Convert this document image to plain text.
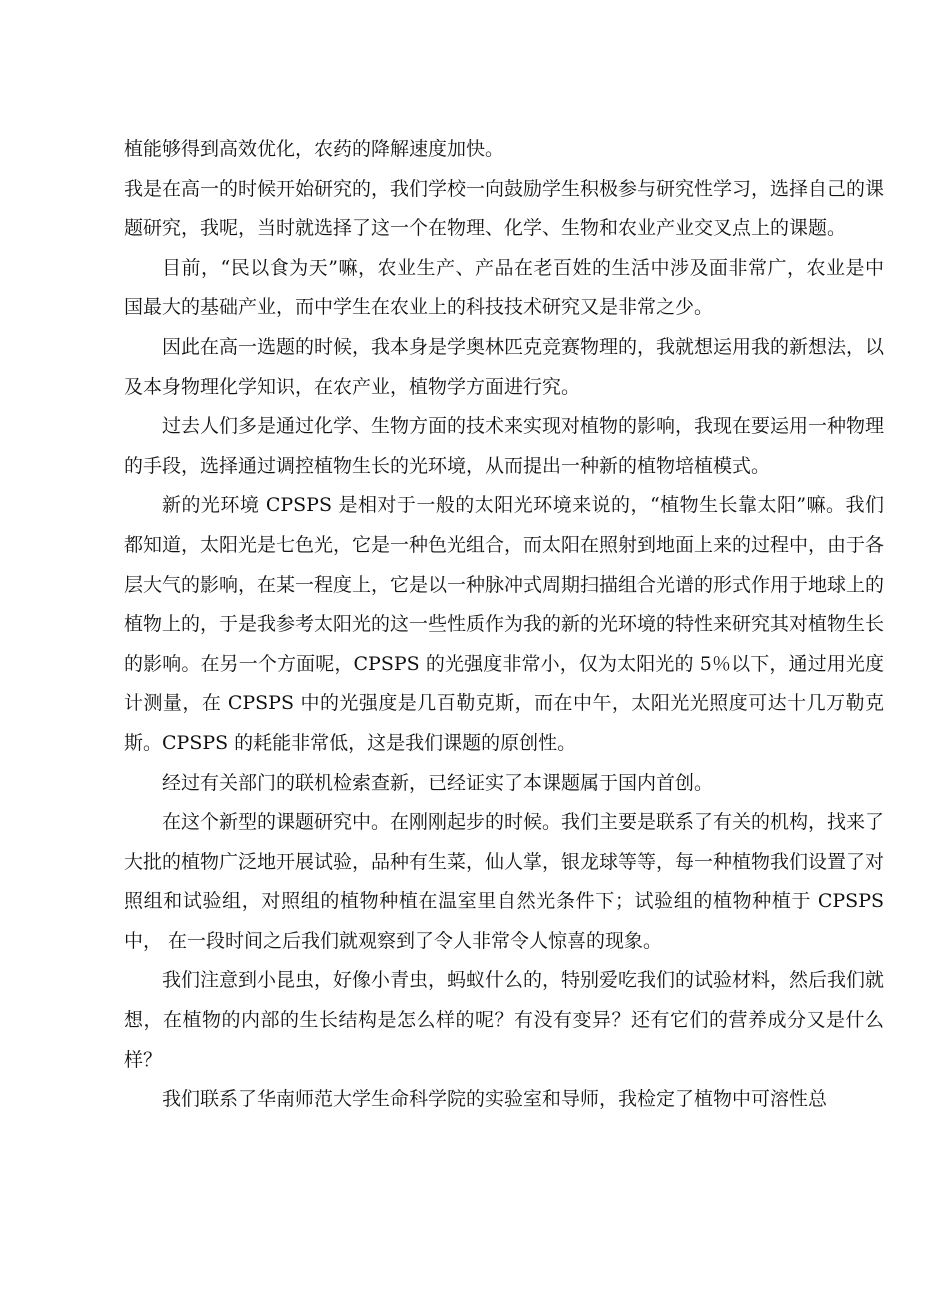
植能够得到高效优化，农药的降解速度加快。

我是在高一的时候开始研究的，我们学校一向鼓励学生积极参与研究性学习，选择自己的课题研究，我呢，当时就选择了这一个在物理、化学、生物和农业产业交叉点上的课题。

目前，“民以食为天”嘛，农业生产、产品在老百姓的生活中涉及面非常广，农业是中国最大的基础产业，而中学生在农业上的科技技术研究又是非常之少。

因此在高一选题的时候，我本身是学奥林匹克竞赛物理的，我就想运用我的新想法，以及本身物理化学知识，在农产业，植物学方面进行究。

过去人们多是通过化学、生物方面的技术来实现对植物的影响，我现在要运用一种物理的手段，选择通过调控植物生长的光环境，从而提出一种新的植物培植模式。

新的光环境 CPSPS 是相对于一般的太阳光环境来说的，“植物生长靠太阳”嘛。我们都知道，太阳光是七色光，它是一种色光组合，而太阳在照射到地面上来的过程中，由于各层大气的影响，在某一程度上，它是以一种脉冲式周期扫描组合光谱的形式作用于地球上的植物上的，于是我参考太阳光的这一些性质作为我的新的光环境的特性来研究其对植物生长的影响。在另一个方面呢，CPSPS 的光强度非常小，仅为太阳光的 5％以下，通过用光度计测量，在 CPSPS 中的光强度是几百勒克斯，而在中午，太阳光光照度可达十几万勒克斯。CPSPS 的耗能非常低，这是我们课题的原创性。

经过有关部门的联机检索查新，已经证实了本课题属于国内首创。

在这个新型的课题研究中。在刚刚起步的时候。我们主要是联系了有关的机构，找来了大批的植物广泛地开展试验，品种有生菜，仙人掌，银龙球等等，每一种植物我们设置了对照组和试验组，对照组的植物种植在温室里自然光条件下；试验组的植物种植于 CPSPS 中， 在一段时间之后我们就观察到了令人非常令人惊喜的现象。

我们注意到小昆虫，好像小青虫，蚂蚁什么的，特别爱吃我们的试验材料，然后我们就想，在植物的内部的生长结构是怎么样的呢？有没有变异？还有它们的营养成分又是什么样？

我们联系了华南师范大学生命科学院的实验室和导师，我检定了植物中可溶性总
